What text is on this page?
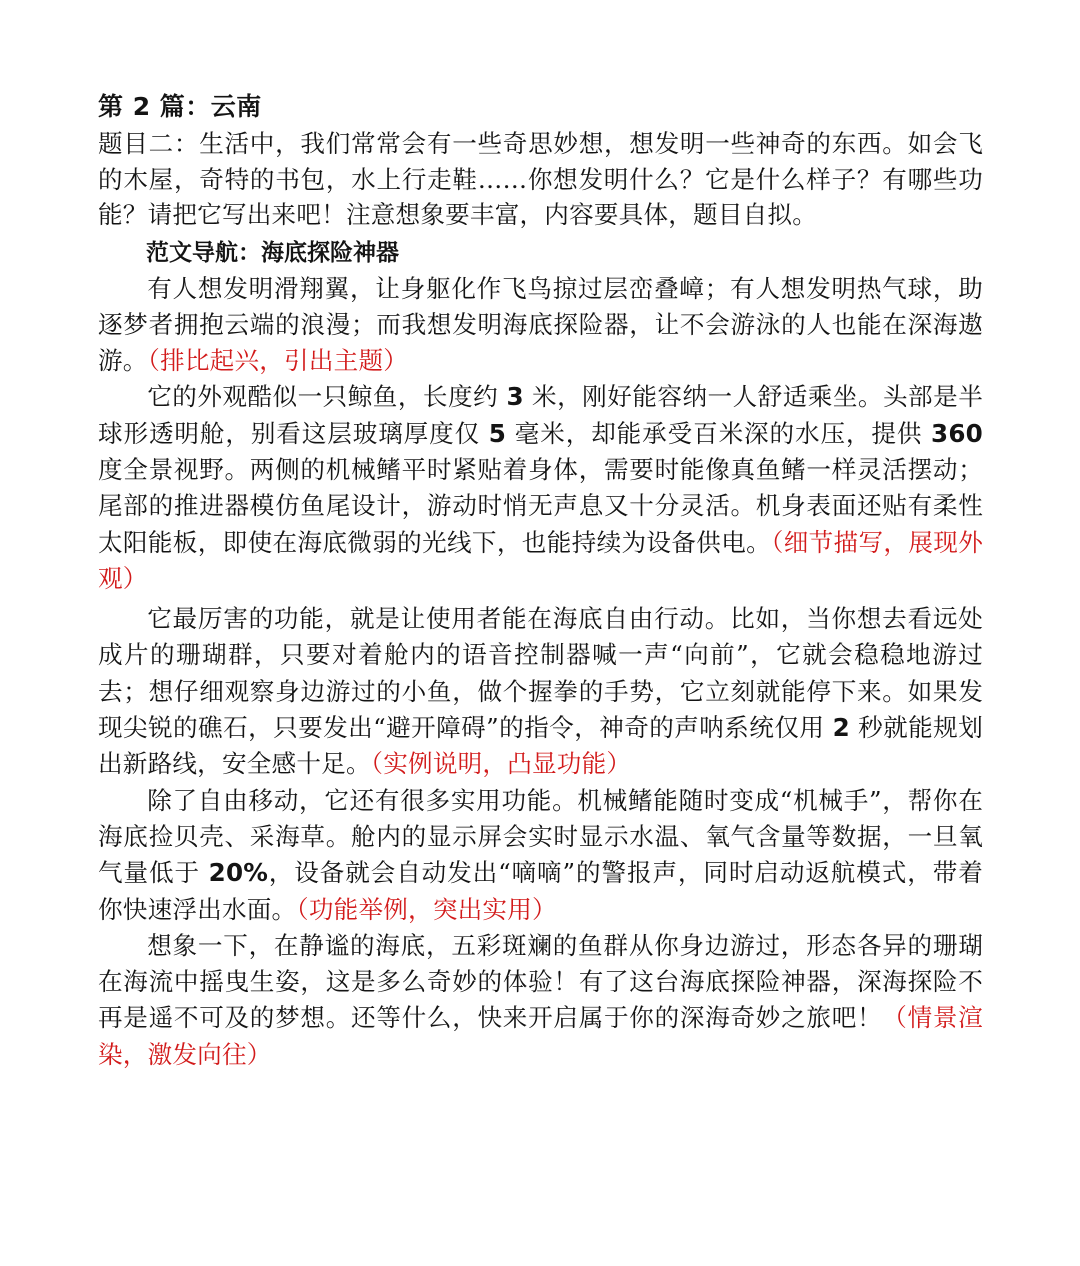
第 2 篇：云南

题目二：生活中，我们常常会有一些奇思妙想，想发明一些神奇的东西。如会飞的木屋，奇特的书包，水上行走鞋……你想发明什么？它是什么样子？有哪些功能？请把它写出来吧！注意想象要丰富，内容要具体，题目自拟。

范文导航：海底探险神器

有人想发明滑翔翼，让身躯化作飞鸟掠过层峦叠嶂；有人想发明热气球，助逐梦者拥抱云端的浪漫；而我想发明海底探险器，让不会游泳的人也能在深海遨游。（排比起兴，引出主题）

它的外观酷似一只鲸鱼，长度约 3 米，刚好能容纳一人舒适乘坐。头部是半球形透明舱，别看这层玻璃厚度仅 5 毫米，却能承受百米深的水压，提供 360 度全景视野。两侧的机械鳍平时紧贴着身体，需要时能像真鱼鳍一样灵活摆动；尾部的推进器模仿鱼尾设计，游动时悄无声息又十分灵活。机身表面还贴有柔性太阳能板，即使在海底微弱的光线下，也能持续为设备供电。（细节描写，展现外观）

它最厉害的功能，就是让使用者能在海底自由行动。比如，当你想去看远处成片的珊瑚群，只要对着舱内的语音控制器喊一声“向前”，它就会稳稳地游过去；想仔细观察身边游过的小鱼，做个握拳的手势，它立刻就能停下来。如果发现尖锐的礁石，只要发出“避开障碍”的指令，神奇的声呐系统仅用 2 秒就能规划出新路线，安全感十足。（实例说明，凸显功能）

除了自由移动，它还有很多实用功能。机械鳍能随时变成“机械手”，帮你在海底捡贝壳、采海草。舱内的显示屏会实时显示水温、氧气含量等数据，一旦氧气量低于 20%，设备就会自动发出“嘀嘀”的警报声，同时启动返航模式，带着你快速浮出水面。（功能举例，突出实用）

想象一下，在静谧的海底，五彩斑斓的鱼群从你身边游过，形态各异的珊瑚在海流中摇曳生姿，这是多么奇妙的体验！有了这台海底探险神器，深海探险不再是遥不可及的梦想。还等什么，快来开启属于你的深海奇妙之旅吧！（情景渲染，激发向往）
